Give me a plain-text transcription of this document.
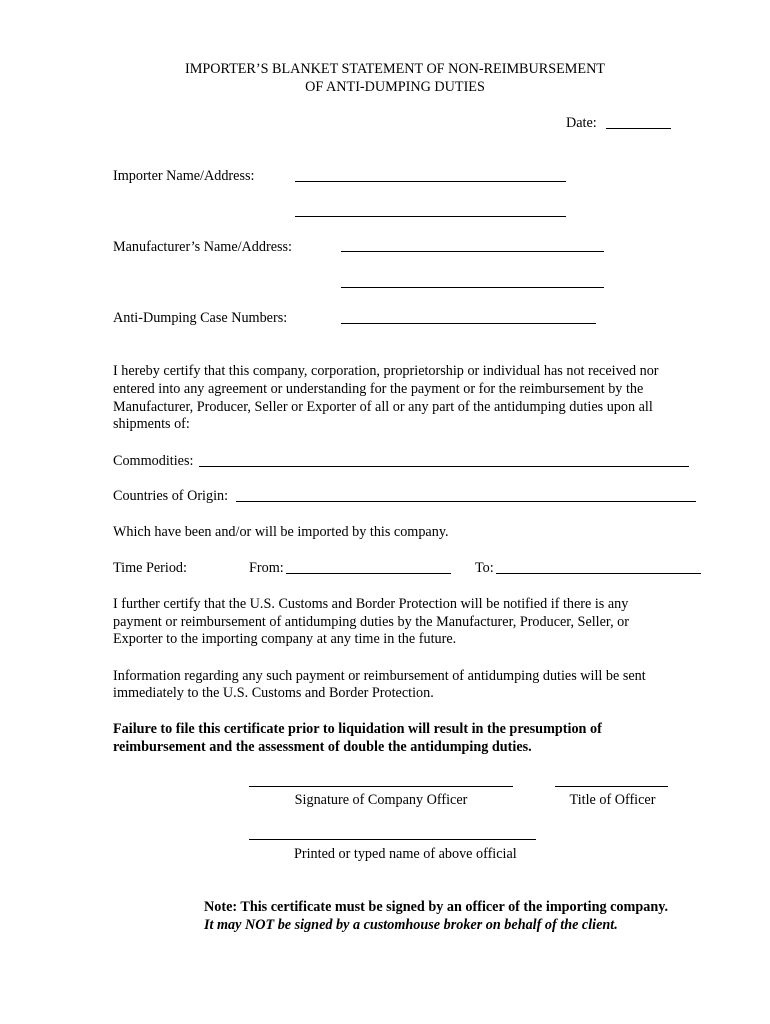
IMPORTER’S BLANKET STATEMENT OF NON-REIMBURSEMENT
OF ANTI-DUMPING DUTIES
Date:
Importer Name/Address:
Manufacturer’s Name/Address:
Anti-Dumping Case Numbers:
I hereby certify that this company, corporation, proprietorship or individual has not received nor
entered into any agreement or understanding for the payment or for the reimbursement by the
Manufacturer, Producer, Seller or Exporter of all or any part of the antidumping duties upon all
shipments of:
Commodities:
Countries of Origin:
Which have been and/or will be imported by this company.
Time Period:	From:	To:
I further certify that the U.S. Customs and Border Protection will be notified if there is any
payment or reimbursement of antidumping duties by the Manufacturer, Producer, Seller, or
Exporter to the importing company at any time in the future.
Information regarding any such payment or reimbursement of antidumping duties will be sent
immediately to the U.S. Customs and Border Protection.
Failure to file this certificate prior to liquidation will result in the presumption of
reimbursement and the assessment of double the antidumping duties.
Signature of Company Officer	Title of Officer
Printed or typed name of above official
Note: This certificate must be signed by an officer of the importing company.
It may NOT be signed by a customhouse broker on behalf of the client.
